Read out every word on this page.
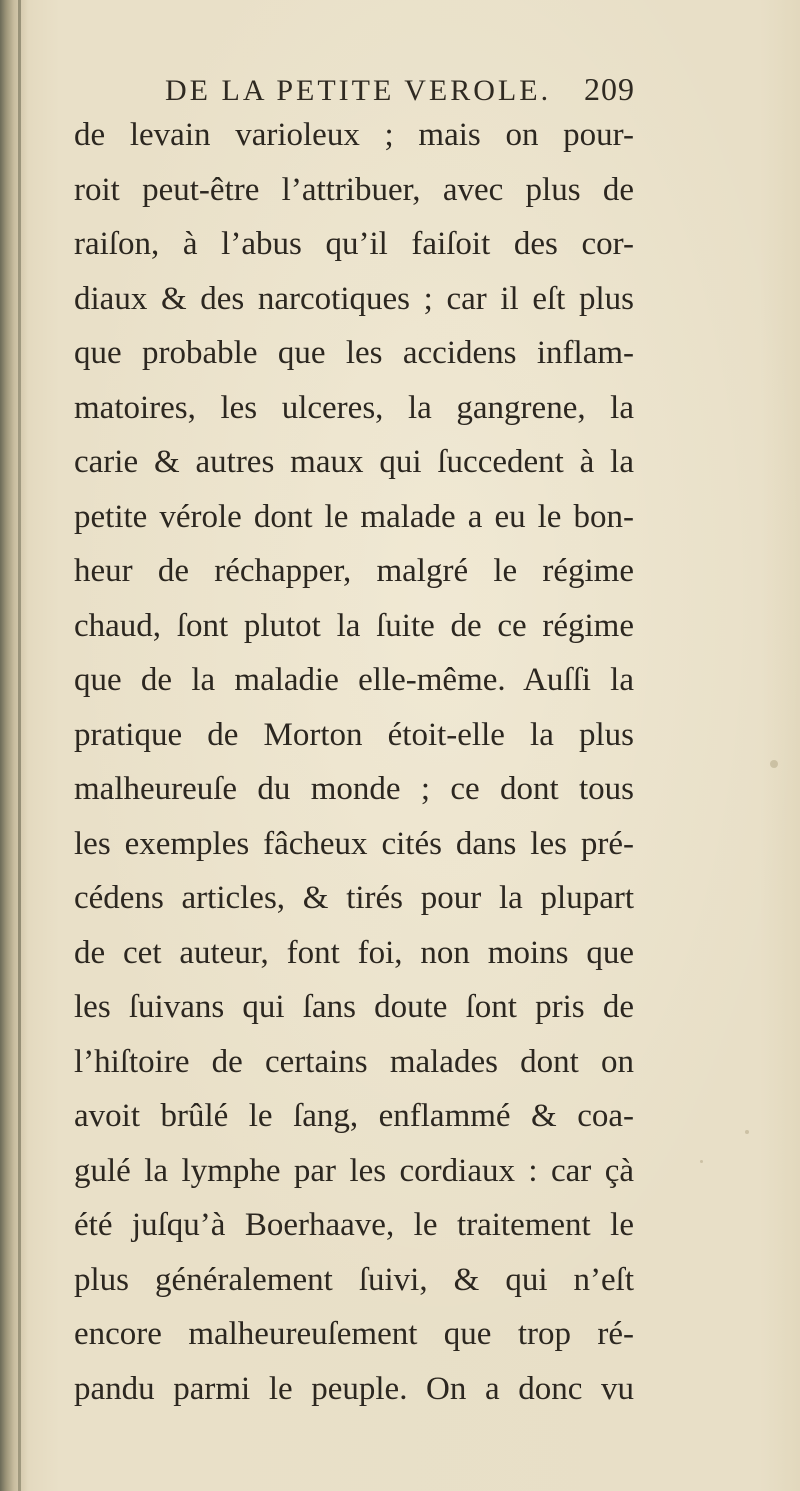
DE LA PETITE VEROLE. 209
de levain varioleux ; mais on pour-
roit peut-être l’attribuer, avec plus de
raiſon, à l’abus qu’il faiſoit des cor-
diaux & des narcotiques ; car il eſt plus
que probable que les accidens inflam-
matoires, les ulceres, la gangrene, la
carie & autres maux qui ſuccedent à la
petite vérole dont le malade a eu le bon-
heur de réchapper, malgré le régime
chaud, ſont plutot la ſuite de ce régime
que de la maladie elle-même. Auſſi la
pratique de Morton étoit-elle la plus
malheureuſe du monde ; ce dont tous
les exemples fâcheux cités dans les pré-
cédens articles, & tirés pour la plupart
de cet auteur, font foi, non moins que
les ſuivans qui ſans doute ſont pris de
l’hiſtoire de certains malades dont on
avoit brûlé le ſang, enflammé & coa-
gulé la lymphe par les cordiaux : car çà
été juſqu’à Boerhaave, le traitement le
plus généralement ſuivi, & qui n’eſt
encore malheureuſement que trop ré-
pandu parmi le peuple. On a donc vu
